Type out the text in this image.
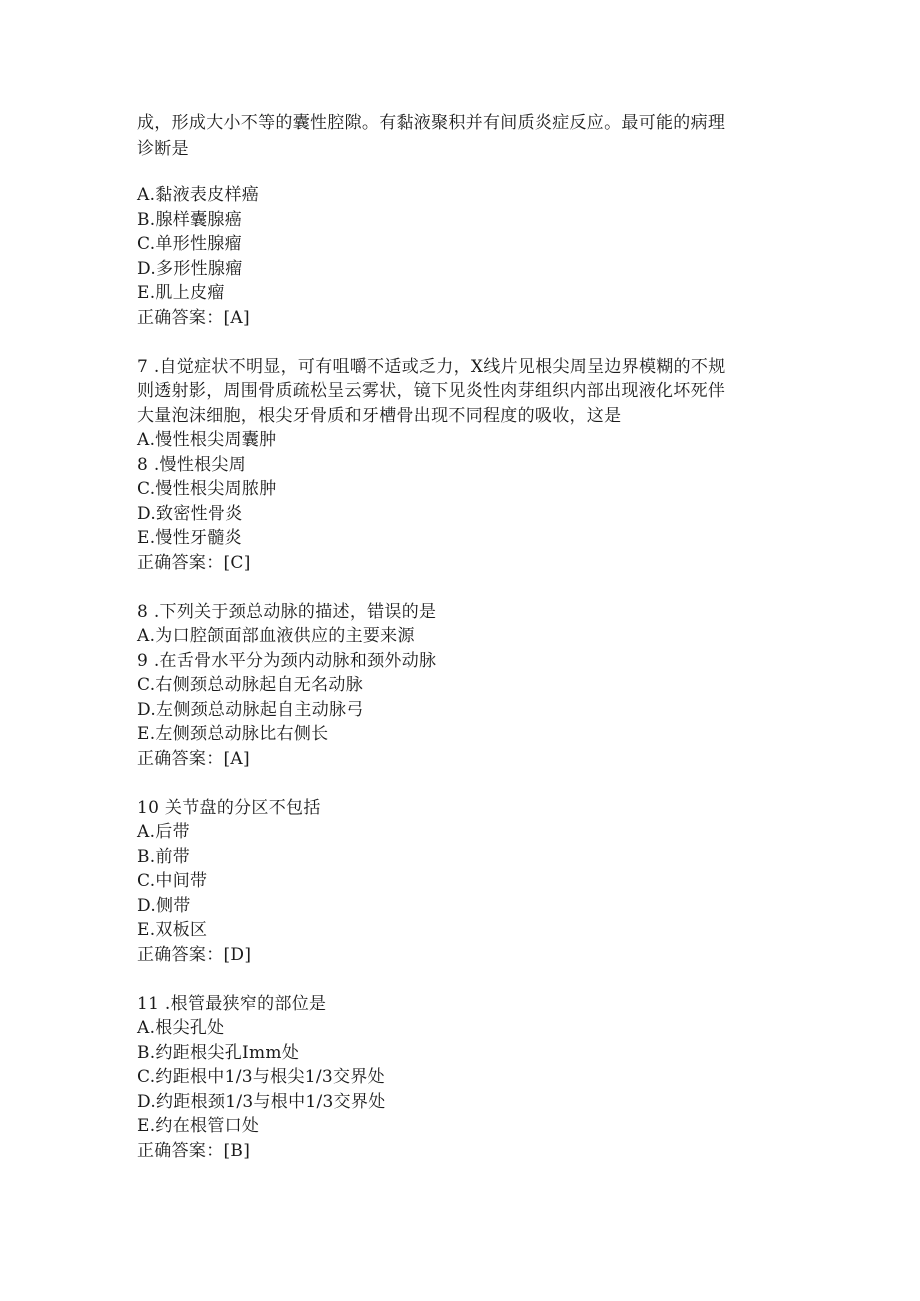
成，形成大小不等的囊性腔隙。有黏液聚积并有间质炎症反应。最可能的病理
诊断是
A.黏液表皮样癌
B.腺样囊腺癌
C.单形性腺瘤
D.多形性腺瘤
E.肌上皮瘤
正确答案：[A]
7 .自觉症状不明显，可有咀嚼不适或乏力，X线片见根尖周呈边界模糊的不规
则透射影，周围骨质疏松呈云雾状，镜下见炎性肉芽组织内部出现液化坏死伴
大量泡沫细胞，根尖牙骨质和牙槽骨出现不同程度的吸收，这是
A.慢性根尖周囊肿
8 .慢性根尖周
C.慢性根尖周脓肿
D.致密性骨炎
E.慢性牙髓炎
正确答案：[C]
8 .下列关于颈总动脉的描述，错误的是
A.为口腔颌面部血液供应的主要来源
9 .在舌骨水平分为颈内动脉和颈外动脉
C.右侧颈总动脉起自无名动脉
D.左侧颈总动脉起自主动脉弓
E.左侧颈总动脉比右侧长
正确答案：[A]
10 关节盘的分区不包括
A.后带
B.前带
C.中间带
D.侧带
E.双板区
正确答案：[D]
11 .根管最狭窄的部位是
A.根尖孔处
B.约距根尖孔Imm处
C.约距根中1/3与根尖1/3交界处
D.约距根颈1/3与根中1/3交界处
E.约在根管口处
正确答案：[B]
